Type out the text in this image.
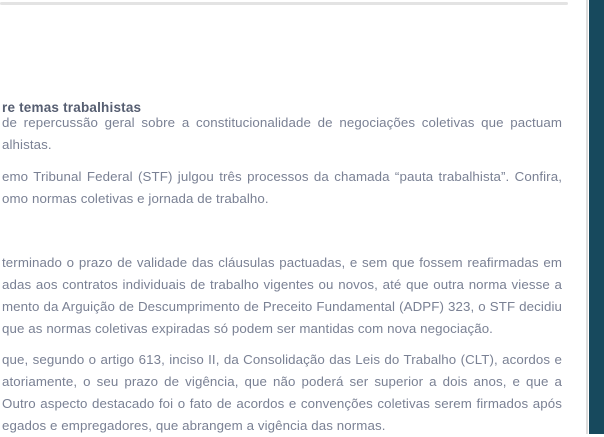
re temas trabalhistas
de repercussão geral sobre a constitucionalidade de negociações coletivas que pactuam
alhistas.
emo Tribunal Federal (STF) julgou três processos da chamada “pauta trabalhista”. Confira,
omo normas coletivas e jornada de trabalho.
terminado o prazo de validade das cláusulas pactuadas, e sem que fossem reafirmadas em
adas aos contratos individuais de trabalho vigentes ou novos, até que outra norma viesse a
mento da Arguição de Descumprimento de Preceito Fundamental (ADPF) 323, o STF decidiu
que as normas coletivas expiradas só podem ser mantidas com nova negociação.
que, segundo o artigo 613, inciso II, da Consolidação das Leis do Trabalho (CLT), acordos e
atoriamente, o seu prazo de vigência, que não poderá ser superior a dois anos, e que a
Outro aspecto destacado foi o fato de acordos e convenções coletivas serem firmados após
egados e empregadores, que abrangem a vigência das normas.
